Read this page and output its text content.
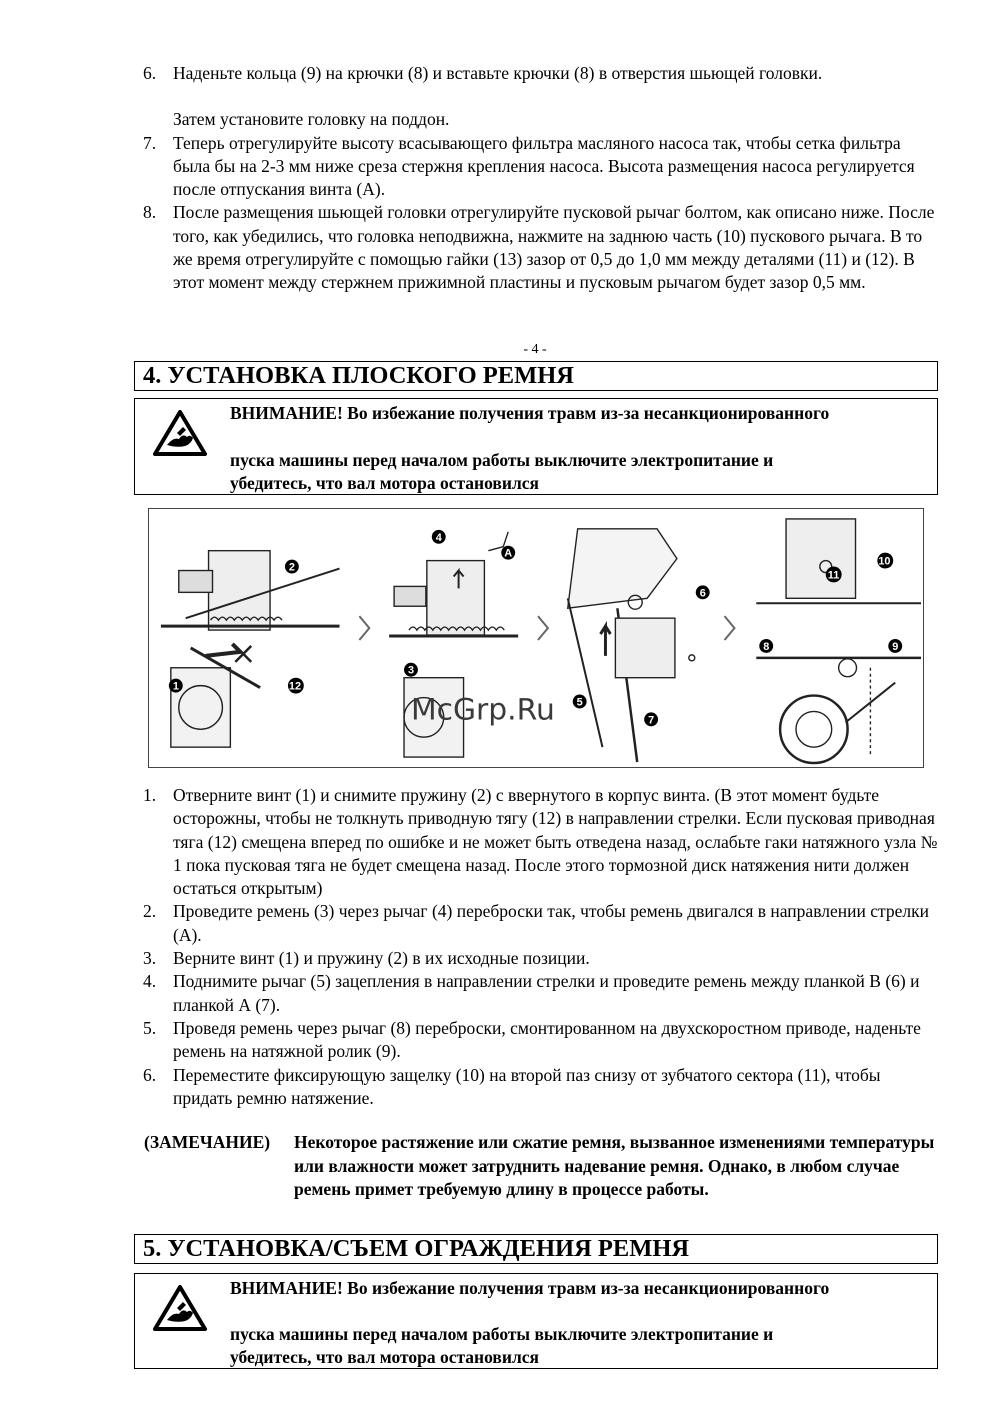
6. Наденьте кольца (9) на крючки (8) и вставьте крючки (8) в отверстия шьющей головки.
Затем установите головку на поддон.
7. Теперь отрегулируйте высоту всасывающего фильтра масляного насоса так, чтобы сетка фильтра была бы на 2-3 мм ниже среза стержня крепления насоса. Высота размещения насоса регулируется после отпускания винта (А).
8. После размещения шьющей головки отрегулируйте пусковой рычаг болтом, как описано ниже. После того, как убедились, что головка неподвижна, нажмите на заднюю часть (10) пускового рычага. В то же время отрегулируйте с помощью гайки (13) зазор от 0,5 до 1,0 мм между деталями (11) и (12). В этот момент между стержнем прижимной пластины и пусковым рычагом будет зазор 0,5 мм.
- 4 -
4. УСТАНОВКА ПЛОСКОГО РЕМНЯ
ВНИМАНИЕ! Во избежание получения травм из-за несанкционированного
пуска машины перед началом работы выключите электропитание и
убедитесь, что вал мотора остановился
1
2
3
4
A
5
6
7
8	9
10
11
12
McGrp.Ru
1. Отверните винт (1) и снимите пружину (2) с ввернутого в корпус винта. (В этот момент будьте осторожны, чтобы не толкнуть приводную тягу (12) в направлении стрелки. Если пусковая приводная тяга (12) смещена вперед по ошибке и не может быть отведена назад, ослабьте гаки натяжного узла № 1 пока пусковая тяга не будет смещена назад. После этого тормозной диск натяжения нити должен остаться открытым)
2. Проведите ремень (3) через рычаг (4) переброски так, чтобы ремень двигался в направлении стрелки (А).
3. Верните винт (1) и пружину (2) в их исходные позиции.
4. Поднимите рычаг (5) зацепления в направлении стрелки и проведите ремень между планкой В (6) и планкой А (7).
5. Проведя ремень через рычаг (8) переброски, смонтированном на двухскоростном приводе, наденьте ремень на натяжной ролик (9).
6. Переместите фиксирующую защелку (10) на второй паз снизу от зубчатого сектора (11), чтобы придать ремню натяжение.
(ЗАМЕЧАНИЕ) Некоторое растяжение или сжатие ремня, вызванное изменениями температуры или влажности может затруднить надевание ремня. Однако, в любом случае ремень примет требуемую длину в процессе работы.
5. УСТАНОВКА/СЪЕМ ОГРАЖДЕНИЯ РЕМНЯ
ВНИМАНИЕ! Во избежание получения травм из-за несанкционированного
пуска машины перед началом работы выключите электропитание и
убедитесь, что вал мотора остановился
